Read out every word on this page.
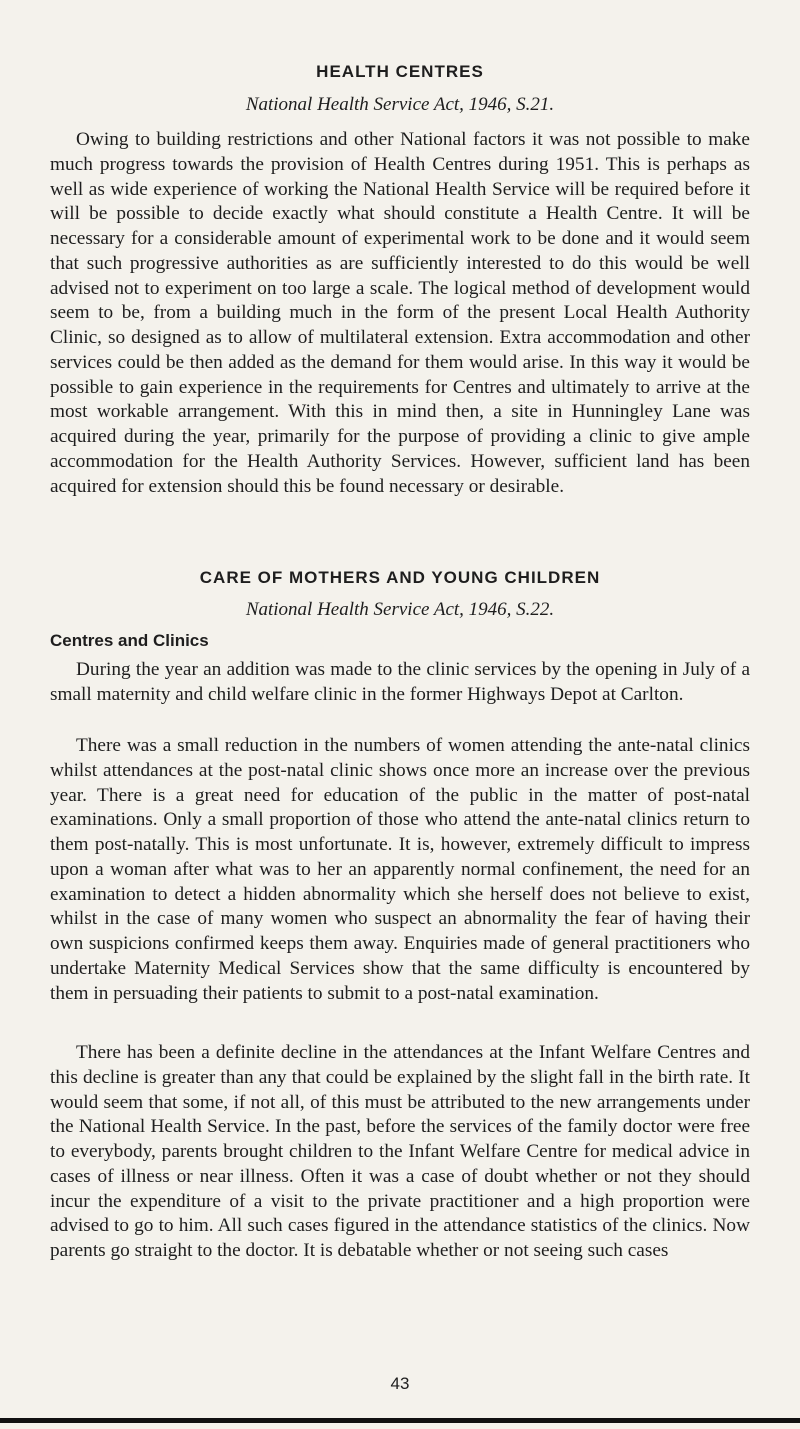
HEALTH CENTRES

National Health Service Act, 1946, S.21.

Owing to building restrictions and other National factors it was not possible to make much progress towards the provision of Health Centres during 1951. This is perhaps as well as wide experience of working the National Health Service will be required before it will be possible to decide exactly what should constitute a Health Centre. It will be necessary for a considerable amount of experimental work to be done and it would seem that such progressive authorities as are sufficiently interested to do this would be well advised not to experiment on too large a scale. The logical method of development would seem to be, from a building much in the form of the present Local Health Authority Clinic, so designed as to allow of multilateral extension. Extra accommodation and other services could be then added as the demand for them would arise. In this way it would be possible to gain experience in the requirements for Centres and ultimately to arrive at the most workable arrangement. With this in mind then, a site in Hunningley Lane was acquired during the year, primarily for the purpose of providing a clinic to give ample accommodation for the Health Authority Services. However, sufficient land has been acquired for extension should this be found necessary or desirable.

CARE OF MOTHERS AND YOUNG CHILDREN

National Health Service Act, 1946, S.22.

Centres and Clinics

During the year an addition was made to the clinic services by the opening in July of a small maternity and child welfare clinic in the former Highways Depot at Carlton.

There was a small reduction in the numbers of women attending the ante-natal clinics whilst attendances at the post-natal clinic shows once more an increase over the previous year. There is a great need for education of the public in the matter of post-natal examinations. Only a small proportion of those who attend the ante-natal clinics return to them post-natally. This is most unfortunate. It is, however, extremely difficult to impress upon a woman after what was to her an apparently normal confinement, the need for an examination to detect a hidden abnormality which she herself does not believe to exist, whilst in the case of many women who suspect an abnormality the fear of having their own suspicions confirmed keeps them away. Enquiries made of general practitioners who undertake Maternity Medical Services show that the same difficulty is encountered by them in persuading their patients to submit to a post-natal examination.

There has been a definite decline in the attendances at the Infant Welfare Centres and this decline is greater than any that could be explained by the slight fall in the birth rate. It would seem that some, if not all, of this must be attributed to the new arrangements under the National Health Service. In the past, before the services of the family doctor were free to everybody, parents brought children to the Infant Welfare Centre for medical advice in cases of illness or near illness. Often it was a case of doubt whether or not they should incur the expenditure of a visit to the private practitioner and a high proportion were advised to go to him. All such cases figured in the attendance statistics of the clinics. Now parents go straight to the doctor. It is debatable whether or not seeing such cases

43
